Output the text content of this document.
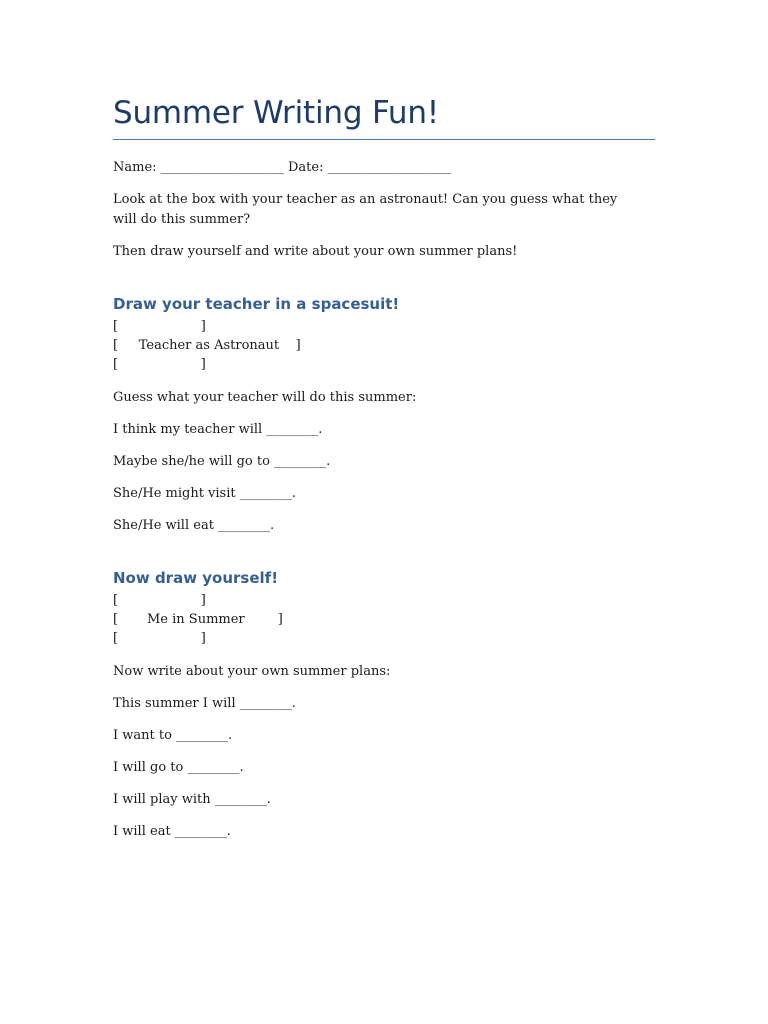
Summer Writing Fun!

Name: ___________________ Date: ___________________

Look at the box with your teacher as an astronaut! Can you guess what they will do this summer?

Then draw yourself and write about your own summer plans!

Draw your teacher in a spacesuit!

[                    ]

[     Teacher as Astronaut    ]

[                    ]

Guess what your teacher will do this summer:

I think my teacher will ________.

Maybe she/he will go to ________.

She/He might visit ________.

She/He will eat ________.

Now draw yourself!

[                    ]

[       Me in Summer        ]

[                    ]

Now write about your own summer plans:

This summer I will ________.

I want to ________.

I will go to ________.

I will play with ________.

I will eat ________.
